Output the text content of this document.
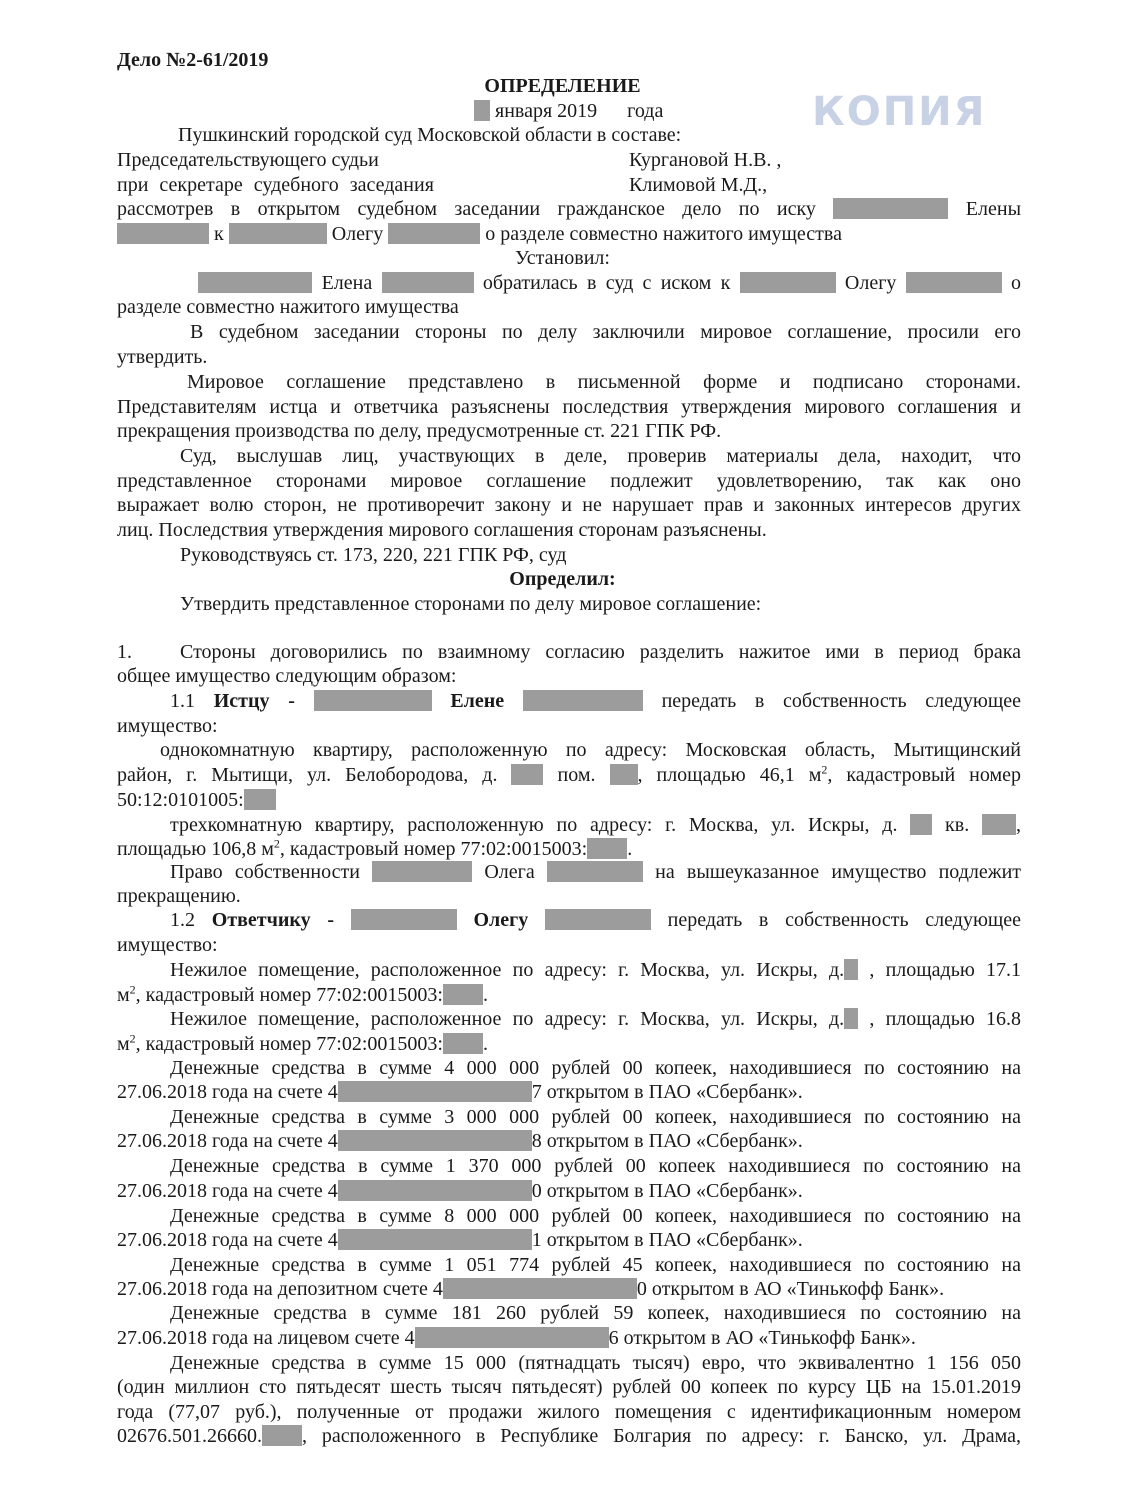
КОПИЯ
Дело №2-61/2019
ОПРЕДЕЛЕНИЕ
января 2019 года
Пушкинский городской суд Московской области в составе:
Председательствующего судьи	Кургановой Н.В. ,
при секретаре судебного заседания	Климовой М.Д.,
рассмотрев в открытом судебном заседании гражданское дело по иску	Елены
к	Олегу	о разделе совместно нажитого имущества
Установил:
Елена	обратилась в суд с иском к	Олегу	о
разделе совместно нажитого имущества
В судебном заседании стороны по делу заключили мировое соглашение, просили его
утвердить.
Мировое соглашение представлено в письменной форме и подписано сторонами.
Представителям истца и ответчика разъяснены последствия утверждения мирового соглашения и
прекращения производства по делу, предусмотренные ст. 221 ГПК РФ.
Суд, выслушав лиц, участвующих в деле, проверив материалы дела, находит, что
представленное сторонами мировое соглашение подлежит удовлетворению, так как оно
выражает волю сторон, не противоречит закону и не нарушает прав и законных интересов других
лиц. Последствия утверждения мирового соглашения сторонам разъяснены.
Руководствуясь ст. 173, 220, 221 ГПК РФ, суд
Определил:
Утвердить представленное сторонами по делу мировое соглашение:
1. Стороны договорились по взаимному согласию разделить нажитое ими в период брака
общее имущество следующим образом:
1.1 Истцу -	Елене	передать в собственность следующее
имущество:
однокомнатную квартиру, расположенную по адресу: Московская область, Мытищинский
район, г. Мытищи, ул. Белобородова, д.	пом. , площадью 46,1 $м^2$, кадастровый номер
50:12:0101005:
трехкомнатную квартиру, расположенную по адресу: г. Москва, ул. Искры, д. кв. ,
площадью 106,8 $м^2$, кадастровый номер 77:02:0015003: .
Право собственности	Олега	на вышеуказанное имущество подлежит
прекращению.
1.2 Ответчику -	Олегу	передать в собственность следующее
имущество:
Нежилое помещение, расположенное по адресу: г. Москва, ул. Искры, д. , площадью 17.1
$м^2$, кадастровый номер 77:02:0015003: .
Нежилое помещение, расположенное по адресу: г. Москва, ул. Искры, д. , площадью 16.8
$м^2$, кадастровый номер 77:02:0015003: .
Денежные средства в сумме 4 000 000 рублей 00 копеек, находившиеся по состоянию на
27.06.2018 года на счете 4	7 открытом в ПАО «Сбербанк».
Денежные средства в сумме 3 000 000 рублей 00 копеек, находившиеся по состоянию на
27.06.2018 года на счете 4	8 открытом в ПАО «Сбербанк».
Денежные средства в сумме 1 370 000 рублей 00 копеек находившиеся по состоянию на
27.06.2018 года на счете 4	0 открытом в ПАО «Сбербанк».
Денежные средства в сумме 8 000 000 рублей 00 копеек, находившиеся по состоянию на
27.06.2018 года на счете 4	1 открытом в ПАО «Сбербанк».
Денежные средства в сумме 1 051 774 рублей 45 копеек, находившиеся по состоянию на
27.06.2018 года на депозитном счете 4	0 открытом в АО «Тинькофф Банк».
Денежные средства в сумме 181 260 рублей 59 копеек, находившиеся по состоянию на
27.06.2018 года на лицевом счете 4	6 открытом в АО «Тинькофф Банк».
Денежные средства в сумме 15 000 (пятнадцать тысяч) евро, что эквивалентно 1 156 050
(один миллион сто пятьдесят шесть тысяч пятьдесят) рублей 00 копеек по курсу ЦБ на 15.01.2019
года (77,07 руб.), полученные от продажи жилого помещения с идентификационным номером
02676.501.26660. , расположенного в Республике Болгария по адресу: г. Банско, ул. Драма,
